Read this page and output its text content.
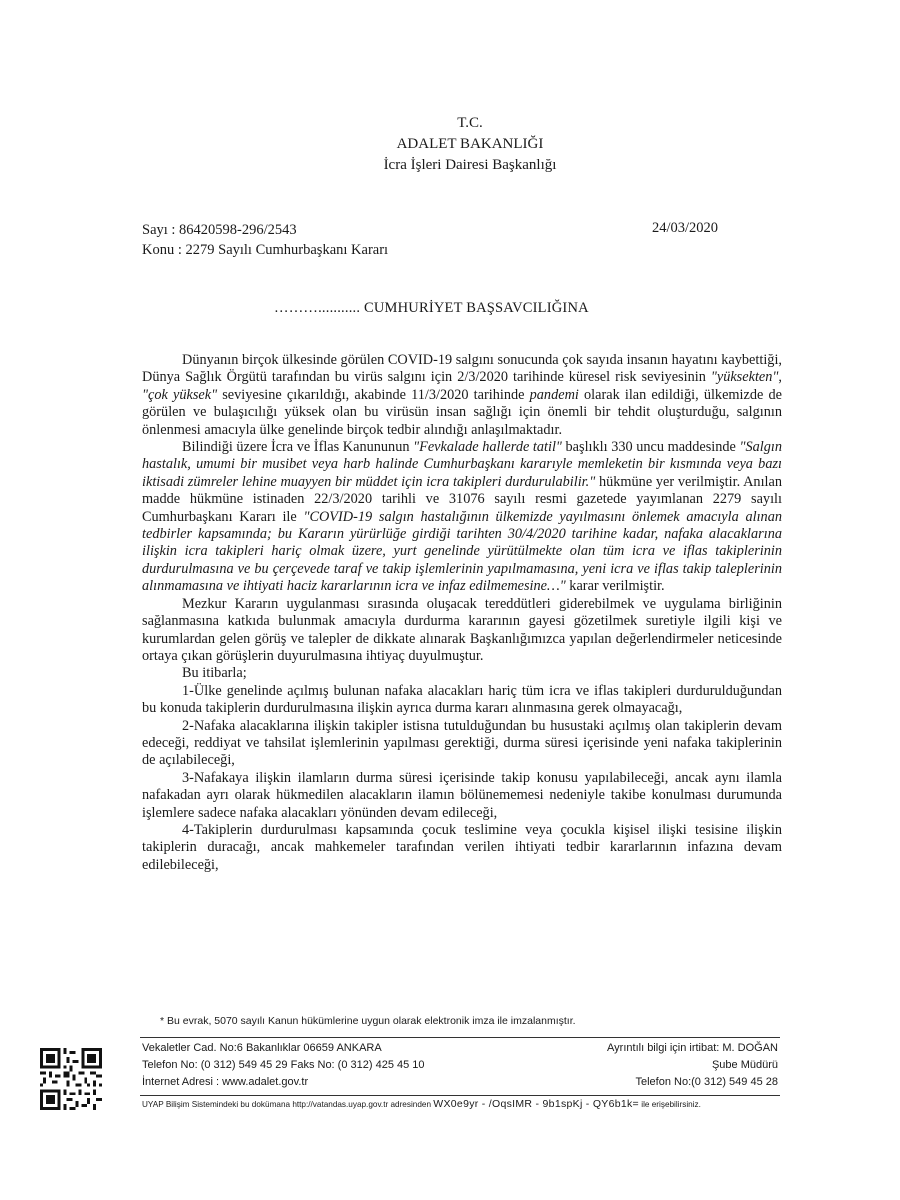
T.C.
ADALET BAKANLIĞI
İcra İşleri Dairesi Başkanlığı
Sayı : 86420598-296/2543
Konu : 2279 Sayılı Cumhurbaşkanı Kararı
24/03/2020
………........... CUMHURİYET BAŞSAVCILIĞINA

Dünyanın birçok ülkesinde görülen COVID-19 salgını sonucunda çok sayıda insanın hayatını kaybettiği, Dünya Sağlık Örgütü tarafından bu virüs salgını için 2/3/2020 tarihinde küresel risk seviyesinin "yüksekten", "çok yüksek" seviyesine çıkarıldığı, akabinde 11/3/2020 tarihinde pandemi olarak ilan edildiği, ülkemizde de görülen ve bulaşıcılığı yüksek olan bu virüsün insan sağlığı için önemli bir tehdit oluşturduğu, salgının önlenmesi amacıyla ülke genelinde birçok tedbir alındığı anlaşılmaktadır.

Bilindiği üzere İcra ve İflas Kanununun "Fevkalade hallerde tatil" başlıklı 330 uncu maddesinde "Salgın hastalık, umumi bir musibet veya harb halinde Cumhurbaşkanı kararıyle memleketin bir kısmında veya bazı iktisadi zümreler lehine muayyen bir müddet için icra takipleri durdurulabilir." hükmüne yer verilmiştir. Anılan madde hükmüne istinaden 22/3/2020 tarihli ve 31076 sayılı resmi gazetede yayımlanan 2279 sayılı Cumhurbaşkanı Kararı ile "COVID-19 salgın hastalığının ülkemizde yayılmasını önlemek amacıyla alınan tedbirler kapsamında; bu Kararın yürürlüğe girdiği tarihten 30/4/2020 tarihine kadar, nafaka alacaklarına ilişkin icra takipleri hariç olmak üzere, yurt genelinde yürütülmekte olan tüm icra ve iflas takiplerinin durdurulmasına ve bu çerçevede taraf ve takip işlemlerinin yapılmamasına, yeni icra ve iflas takip taleplerinin alınmamasına ve ihtiyati haciz kararlarının icra ve infaz edilmemesine…" karar verilmiştir.

Mezkur Kararın uygulanması sırasında oluşacak tereddütleri giderebilmek ve uygulama birliğinin sağlanmasına katkıda bulunmak amacıyla durdurma kararının gayesi gözetilmek suretiyle ilgili kişi ve kurumlardan gelen görüş ve talepler de dikkate alınarak Başkanlığımızca yapılan değerlendirmeler neticesinde ortaya çıkan görüşlerin duyurulmasına ihtiyaç duyulmuştur.

Bu itibarla;

1-Ülke genelinde açılmış bulunan nafaka alacakları hariç tüm icra ve iflas takipleri durdurulduğundan bu konuda takiplerin durdurulmasına ilişkin ayrıca durma kararı alınmasına gerek olmayacağı,

2-Nafaka alacaklarına ilişkin takipler istisna tutulduğundan bu husustaki açılmış olan takiplerin devam edeceği, reddiyat ve tahsilat işlemlerinin yapılması gerektiği, durma süresi içerisinde yeni nafaka takiplerinin de açılabileceği,

3-Nafakaya ilişkin ilamların durma süresi içerisinde takip konusu yapılabileceği, ancak aynı ilamla nafakadan ayrı olarak hükmedilen alacakların ilamın bölünememesi nedeniyle takibe konulması durumunda işlemlere sadece nafaka alacakları yönünden devam edileceği,

4-Takiplerin durdurulması kapsamında çocuk teslimine veya çocukla kişisel ilişki tesisine ilişkin takiplerin duracağı, ancak mahkemeler tarafından verilen ihtiyati tedbir kararlarının infazına devam edilebileceği,

* Bu evrak, 5070 sayılı Kanun hükümlerine uygun olarak elektronik imza ile imzalanmıştır.
Vekaletler Cad. No:6 Bakanlıklar 06659 ANKARA
Telefon No: (0 312) 549 45 29 Faks No: (0 312) 425 45 10
İnternet Adresi : www.adalet.gov.tr
Ayrıntılı bilgi için irtibat: M. DOĞAN
Şube Müdürü
Telefon No:(0 312) 549 45 28
UYAP Bilişim Sistemindeki bu dokümana http://vatandas.uyap.gov.tr adresinden WX0e9yr - /OqsIMR - 9b1spKj - QY6b1k= ile erişebilirsiniz.
